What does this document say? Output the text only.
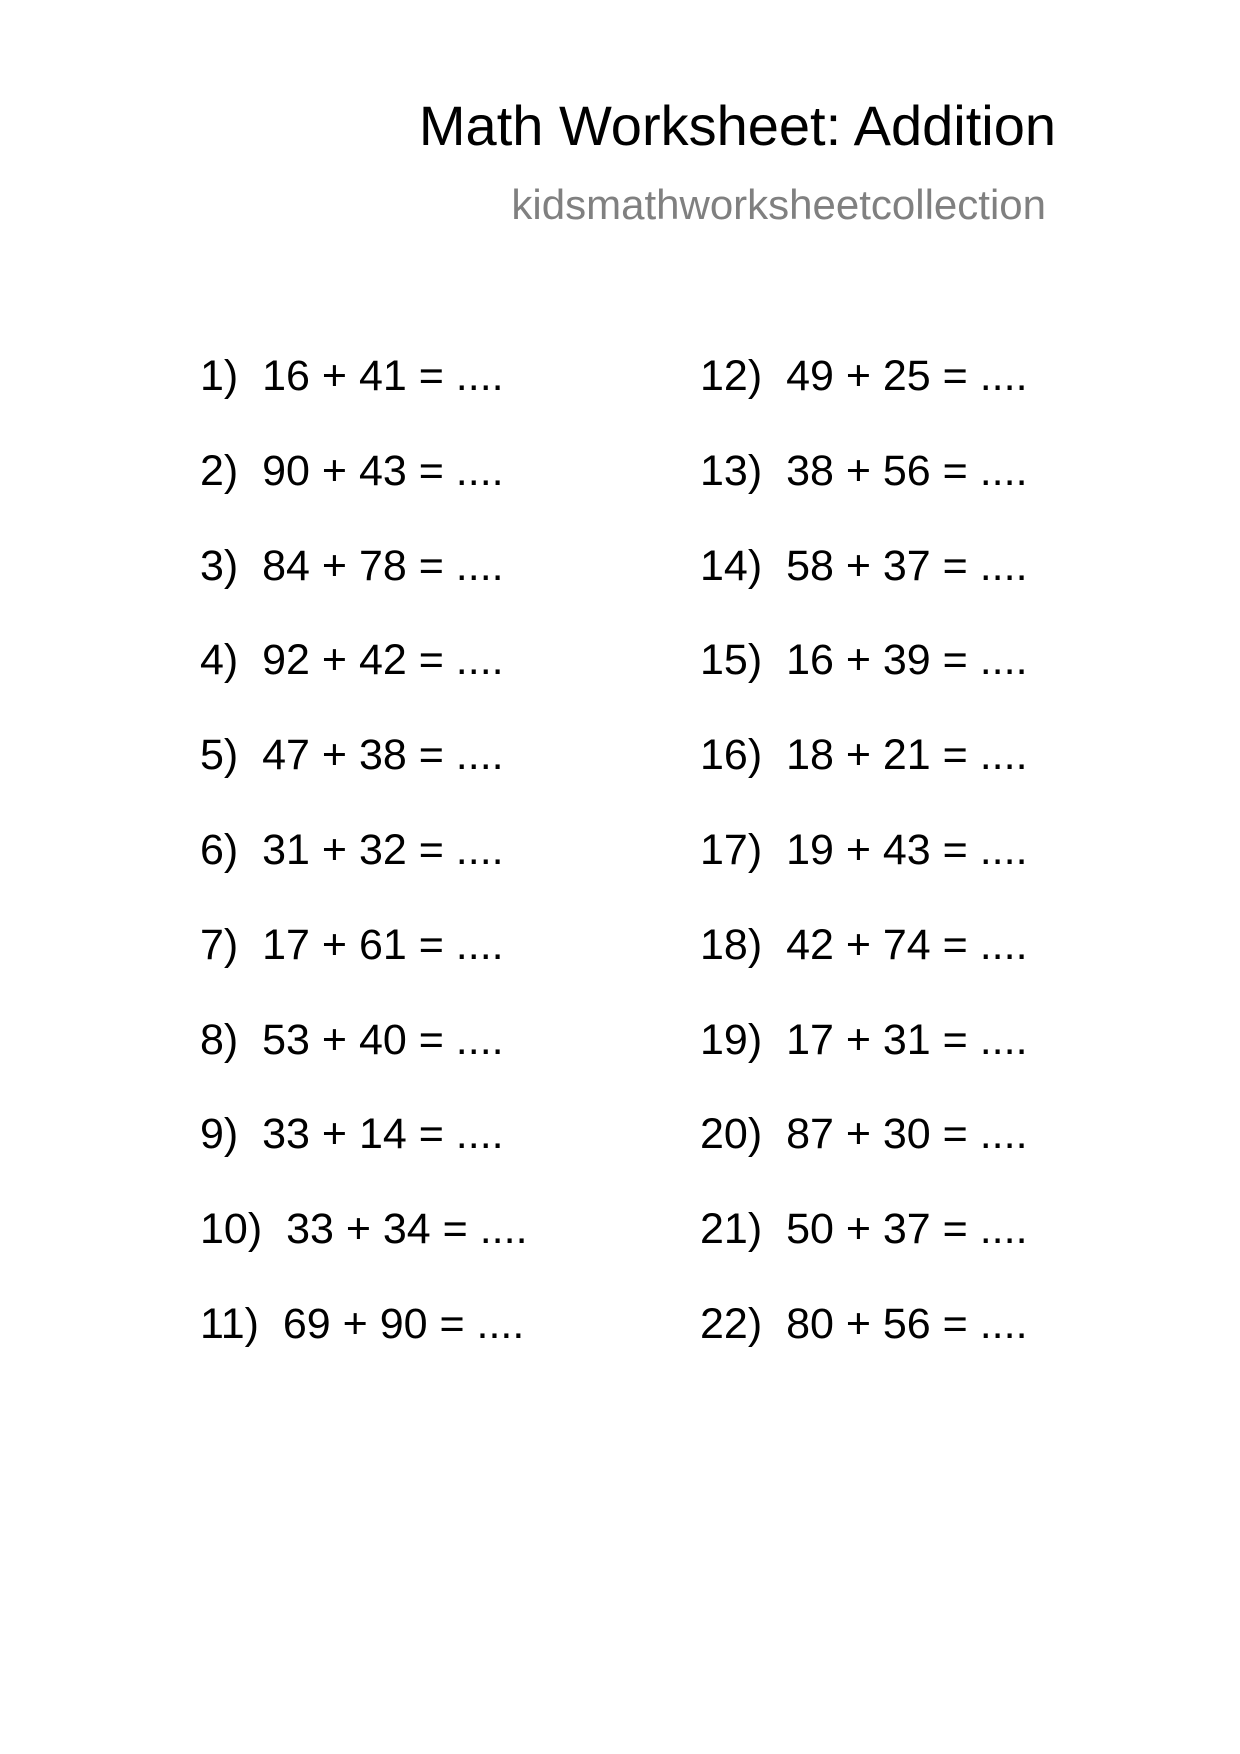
Math Worksheet: Addition
kidsmathworksheetcollection
1) 16 + 41 = ....
2) 90 + 43 = ....
3) 84 + 78 = ....
4) 92 + 42 = ....
5) 47 + 38 = ....
6) 31 + 32 = ....
7) 17 + 61 = ....
8) 53 + 40 = ....
9) 33 + 14 = ....
10) 33 + 34 = ....
11) 69 + 90 = ....
12) 49 + 25 = ....
13) 38 + 56 = ....
14) 58 + 37 = ....
15) 16 + 39 = ....
16) 18 + 21 = ....
17) 19 + 43 = ....
18) 42 + 74 = ....
19) 17 + 31 = ....
20) 87 + 30 = ....
21) 50 + 37 = ....
22) 80 + 56 = ....
